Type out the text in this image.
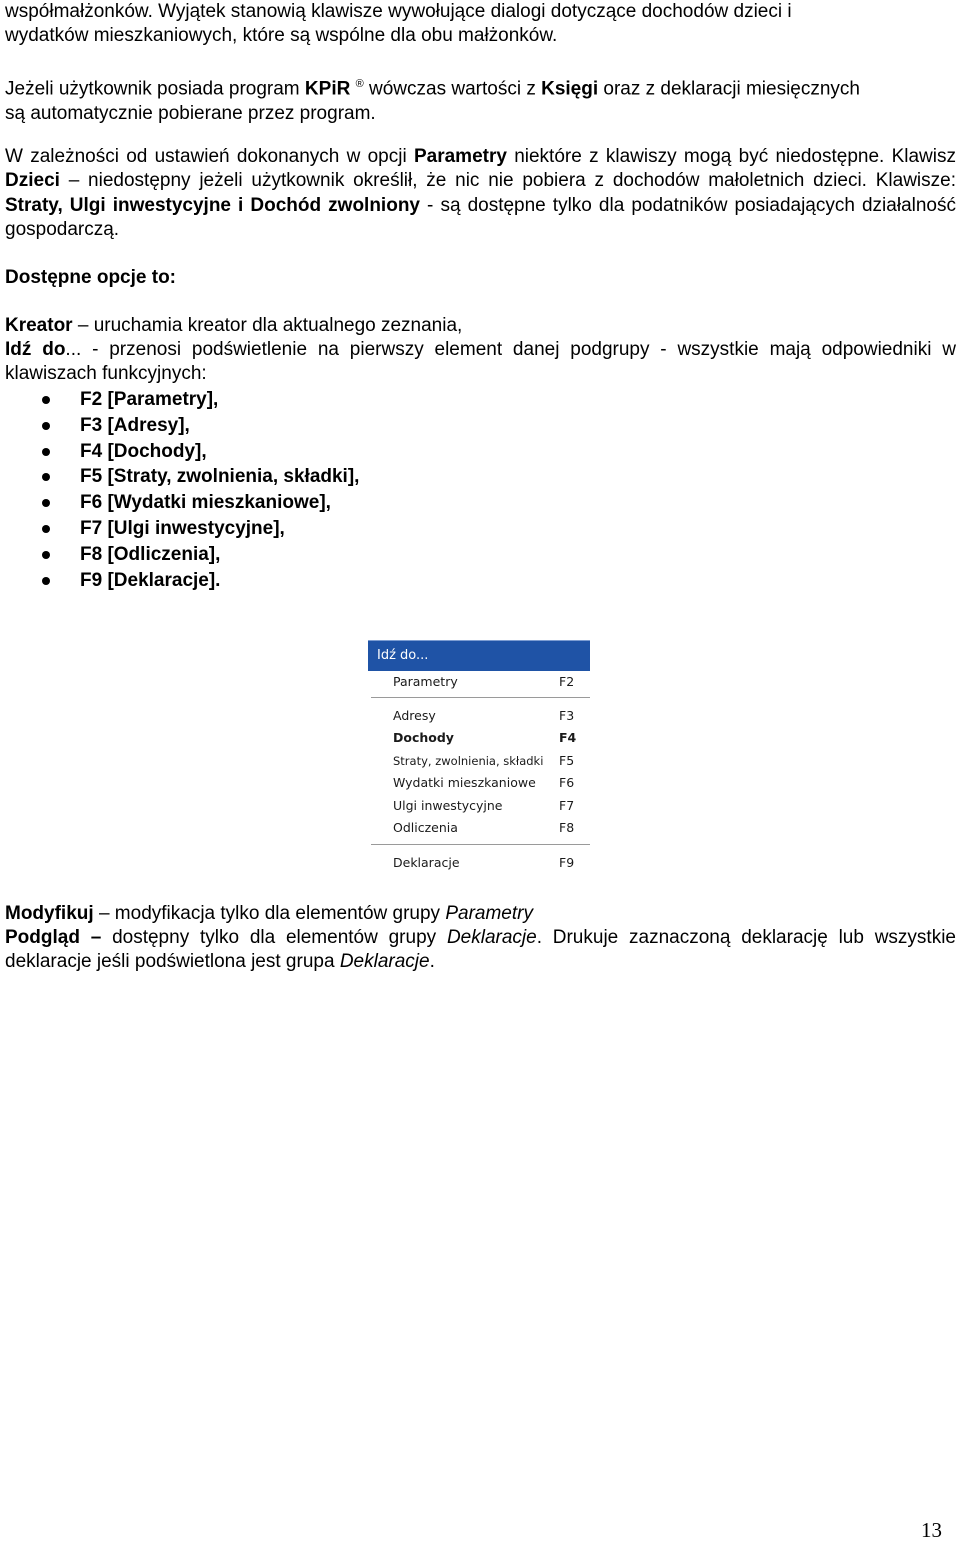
współmałżonków. Wyjątek stanowią klawisze wywołujące dialogi dotyczące dochodów dzieci i
wydatków mieszkaniowych, które są wspólne dla obu małżonków.

Jeżeli użytkownik posiada program KPiR ® wówczas wartości z Księgi oraz z deklaracji miesięcznych
są automatycznie pobierane przez program.

W zależności od ustawień dokonanych w opcji Parametry niektóre z klawiszy mogą być niedostępne. Klawisz Dzieci – niedostępny jeżeli użytkownik określił, że nic nie pobiera z dochodów małoletnich dzieci. Klawisze: Straty, Ulgi inwestycyjne i Dochód zwolniony - są dostępne tylko dla podatników posiadających działalność gospodarczą.

Dostępne opcje to:

Kreator – uruchamia kreator dla aktualnego zeznania,

Idź do... - przenosi podświetlenie na pierwszy element danej podgrupy - wszystkie mają odpowiedniki w klawiszach funkcyjnych:

F2 [Parametry],
F3 [Adresy],
F4 [Dochody],
F5 [Straty, zwolnienia, składki],
F6 [Wydatki mieszkaniowe],
F7 [Ulgi inwestycyjne],
F8 [Odliczenia],
F9 [Deklaracje].
Idź do...
Parametry	F2
Adresy	F3
Dochody	F4
Straty, zwolnienia, składki F5
Wydatki mieszkaniowe F6
Ulgi inwestycyjne	F7
Odliczenia	F8
Deklaracje	F9

Modyfikuj – modyfikacja tylko dla elementów grupy Parametry

Podgląd – dostępny tylko dla elementów grupy Deklaracje. Drukuje zaznaczoną deklarację lub wszystkie deklaracje jeśli podświetlona jest grupa Deklaracje.

13
